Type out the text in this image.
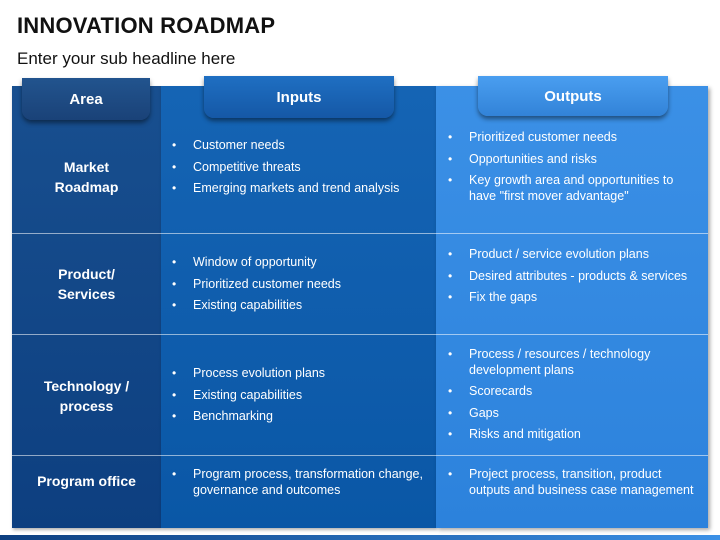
INNOVATION ROADMAP
Enter your sub headline here
Area	Inputs	Outputs
Market
Roadmap
• Customer needs
• Competitive threats
• Emerging markets and trend analysis
• Prioritized customer needs
• Opportunities and risks
• Key growth area and opportunities to have "first mover advantage"
Product/
Services
• Window of opportunity
• Prioritized customer needs
• Existing capabilities
• Product / service evolution plans
• Desired attributes - products & services
• Fix the gaps
Technology /
process
• Process evolution plans
• Existing capabilities
• Benchmarking
• Process / resources / technology development plans
• Scorecards
• Gaps
• Risks and mitigation
Program office
•	Program process, transformation change, governance and outcomes
• Project process, transition, product outputs and business case management
